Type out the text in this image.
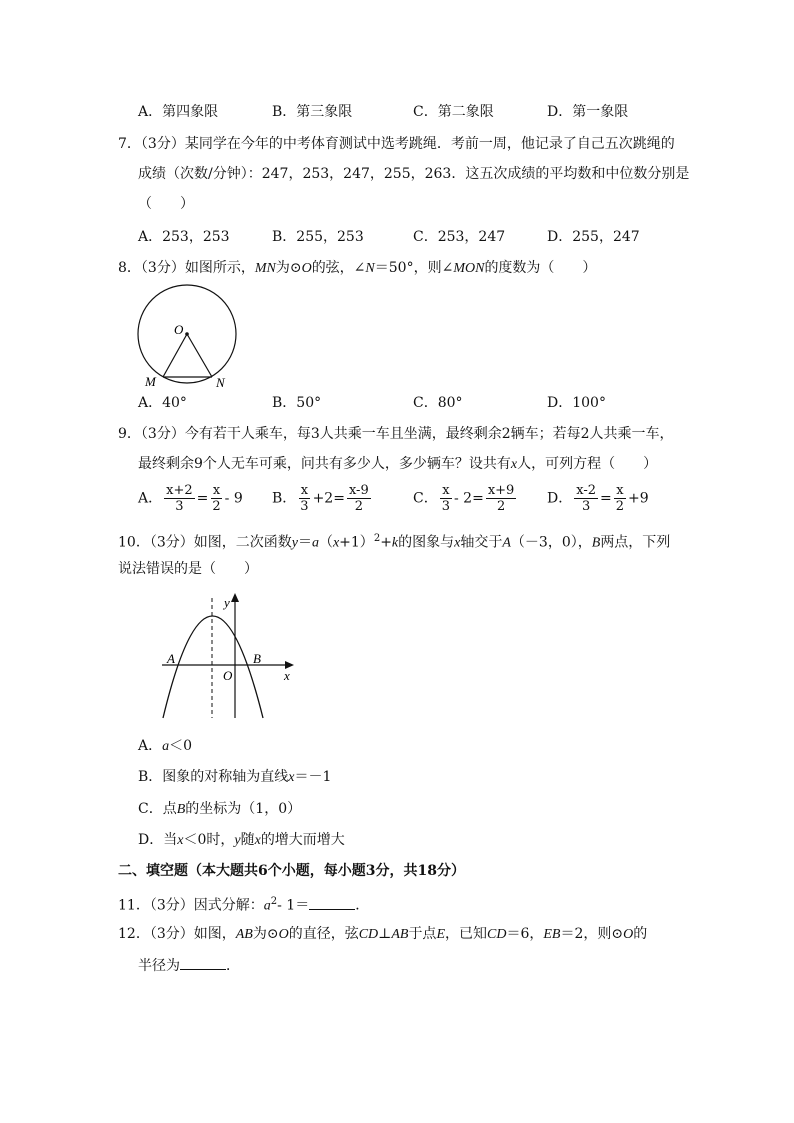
A．第四象限	B．第三象限	C．第二象限	D．第一象限
7．（3分）某同学在今年的中考体育测试中选考跳绳．考前一周，他记录了自己五次跳绳的
成绩（次数/分钟）：247，253，247，255，263．这五次成绩的平均数和中位数分别是
（　　）
A．253，253	B．255，253	C．253，247	D．255，247
8．（3分）如图所示，MN为⊙O的弦，∠N＝50°，则∠MON的度数为（　　）
O
M	N
A．40°	B．50°	C．80°	D．100°
9．（3分）今有若干人乘车，每3人共乘一车且坐满，最终剩余2辆车；若每2人共乘一车，
最终剩余9个人无车可乘，问共有多少人，多少辆车？设共有x人，可列方程（　　）
A． $\frac{x+2}{3} = \frac{x}{2} - 9$ B． $\frac{x}{3} +2= \frac{x-9}{2}$	C． $\frac{x}{3} - 2= \frac{x+9}{2}$ D． $\frac{x-2}{3} = \frac{x}{2} +9$
10．（3分）如图，二次函数$y=a(x+1)^2+k$的图象与x轴交于A（－3，0），B两点，下列
说法错误的是（　　）
y
x
A	B
O
A．a＜0
B．图象的对称轴为直线x＝－1
C．点B的坐标为（1，0）
D．当x＜0时，y随x的增大而增大
二、填空题（本大题共6个小题，每小题3分，共18分）
11．（3分）因式分解：$a^2-$ 1＝	．
12．（3分）如图，AB为⊙O的直径，弦CD⊥AB于点E，已知CD＝6，EB＝2，则⊙O的
半径为	．
